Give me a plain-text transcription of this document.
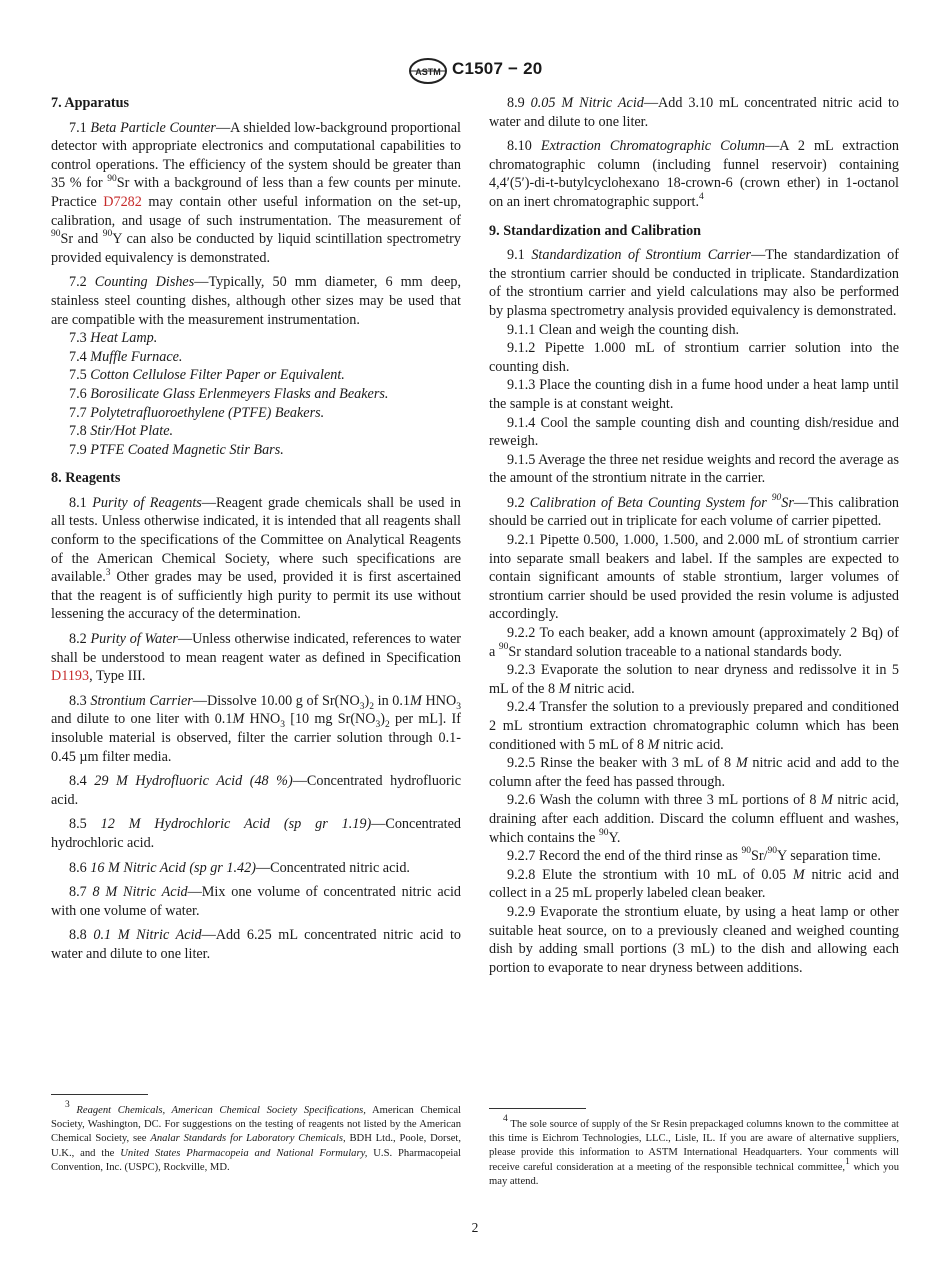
ASTM C1507 − 20
7. Apparatus

7.1 Beta Particle Counter—A shielded low-background proportional detector with appropriate electronics and computational capabilities to control operations. The efficiency of the system should be greater than 35 % for $^{90}$Sr with a background of less than a few counts per minute. Practice D7282 may contain other useful information on the set-up, calibration, and usage of such instrumentation. The measurement of $^{90}$Sr and $^{90}$Y can also be conducted by liquid scintillation spectrometry provided equivalency is demonstrated.

7.2 Counting Dishes—Typically, 50 mm diameter, 6 mm deep, stainless steel counting dishes, although other sizes may be used that are compatible with the measurement instrumentation.

7.3 Heat Lamp.

7.4 Muffle Furnace.

7.5 Cotton Cellulose Filter Paper or Equivalent.

7.6 Borosilicate Glass Erlenmeyers Flasks and Beakers.

7.7 Polytetrafluoroethylene (PTFE) Beakers.

7.8 Stir/Hot Plate.

7.9 PTFE Coated Magnetic Stir Bars.

8. Reagents

8.1 Purity of Reagents—Reagent grade chemicals shall be used in all tests. Unless otherwise indicated, it is intended that all reagents shall conform to the specifications of the Committee on Analytical Reagents of the American Chemical Society, where such specifications are available.$^3$ Other grades may be used, provided it is first ascertained that the reagent is of sufficiently high purity to permit its use without lessening the accuracy of the determination.

8.2 Purity of Water—Unless otherwise indicated, references to water shall be understood to mean reagent water as defined in Specification D1193, Type III.

8.3 Strontium Carrier—Dissolve 10.00 g of $Sr(NO_3)_2$ in 0.1M $HNO_3$ and dilute to one liter with 0.1M $HNO_3$ [10 mg $Sr(NO_3)_2$ per mL]. If insoluble material is observed, filter the carrier solution through 0.1-0.45 µm filter media.

8.4 29 M Hydrofluoric Acid (48 %)—Concentrated hydrofluoric acid.

8.5 12 M Hydrochloric Acid (sp gr 1.19)—Concentrated hydrochloric acid.

8.6 16 M Nitric Acid (sp gr 1.42)—Concentrated nitric acid.

8.7 8 M Nitric Acid—Mix one volume of concentrated nitric acid with one volume of water.

8.8 0.1 M Nitric Acid—Add 6.25 mL concentrated nitric acid to water and dilute to one liter.

8.9 0.05 M Nitric Acid—Add 3.10 mL concentrated nitric acid to water and dilute to one liter.

8.10 Extraction Chromatographic Column—A 2 mL extraction chromatographic column (including funnel reservoir) containing 4,4′(5′)-di-t-butylcyclohexano 18-crown-6 (crown ether) in 1-octanol on an inert chromatographic support.$^4$

9. Standardization and Calibration

9.1 Standardization of Strontium Carrier—The standardization of the strontium carrier should be conducted in triplicate. Standardization of the strontium carrier and yield calculations may also be performed by plasma spectrometry analysis provided equivalency is demonstrated.

9.1.1 Clean and weigh the counting dish.

9.1.2 Pipette 1.000 mL of strontium carrier solution into the counting dish.

9.1.3 Place the counting dish in a fume hood under a heat lamp until the sample is at constant weight.

9.1.4 Cool the sample counting dish and counting dish/residue and reweigh.

9.1.5 Average the three net residue weights and record the average as the amount of the strontium nitrate in the carrier.

9.2 Calibration of Beta Counting System for $^{90}$Sr—This calibration should be carried out in triplicate for each volume of carrier pipetted.

9.2.1 Pipette 0.500, 1.000, 1.500, and 2.000 mL of strontium carrier into separate small beakers and label. If the samples are expected to contain significant amounts of stable strontium, larger volumes of strontium carrier should be used provided the resin volume is adjusted accordingly.

9.2.2 To each beaker, add a known amount (approximately 2 Bq) of a $^{90}$Sr standard solution traceable to a national standards body.

9.2.3 Evaporate the solution to near dryness and redissolve it in 5 mL of the 8 M nitric acid.

9.2.4 Transfer the solution to a previously prepared and conditioned 2 mL strontium extraction chromatographic column which has been conditioned with 5 mL of 8 M nitric acid.

9.2.5 Rinse the beaker with 3 mL of 8 M nitric acid and add to the column after the feed has passed through.

9.2.6 Wash the column with three 3 mL portions of 8 M nitric acid, draining after each addition. Discard the column effluent and washes, which contains the $^{90}$Y.

9.2.7 Record the end of the third rinse as $^{90}$Sr/$^{90}$Y separation time.

9.2.8 Elute the strontium with 10 mL of 0.05 M nitric acid and collect in a 25 mL properly labeled clean beaker.

9.2.9 Evaporate the strontium eluate, by using a heat lamp or other suitable heat source, on to a previously cleaned and weighed counting dish by adding small portions (3 mL) to the dish and allowing each portion to evaporate to near dryness between additions.

$^3$ Reagent Chemicals, American Chemical Society Specifications, American Chemical Society, Washington, DC. For suggestions on the testing of reagents not listed by the American Chemical Society, see Analar Standards for Laboratory Chemicals, BDH Ltd., Poole, Dorset, U.K., and the United States Pharmacopeia and National Formulary, U.S. Pharmacopeial Convention, Inc. (USPC), Rockville, MD.

$^4$ The sole source of supply of the Sr Resin prepackaged columns known to the committee at this time is Eichrom Technologies, LLC., Lisle, IL. If you are aware of alternative suppliers, please provide this information to ASTM International Headquarters. Your comments will receive careful consideration at a meeting of the responsible technical committee,$^1$ which you may attend.

2
